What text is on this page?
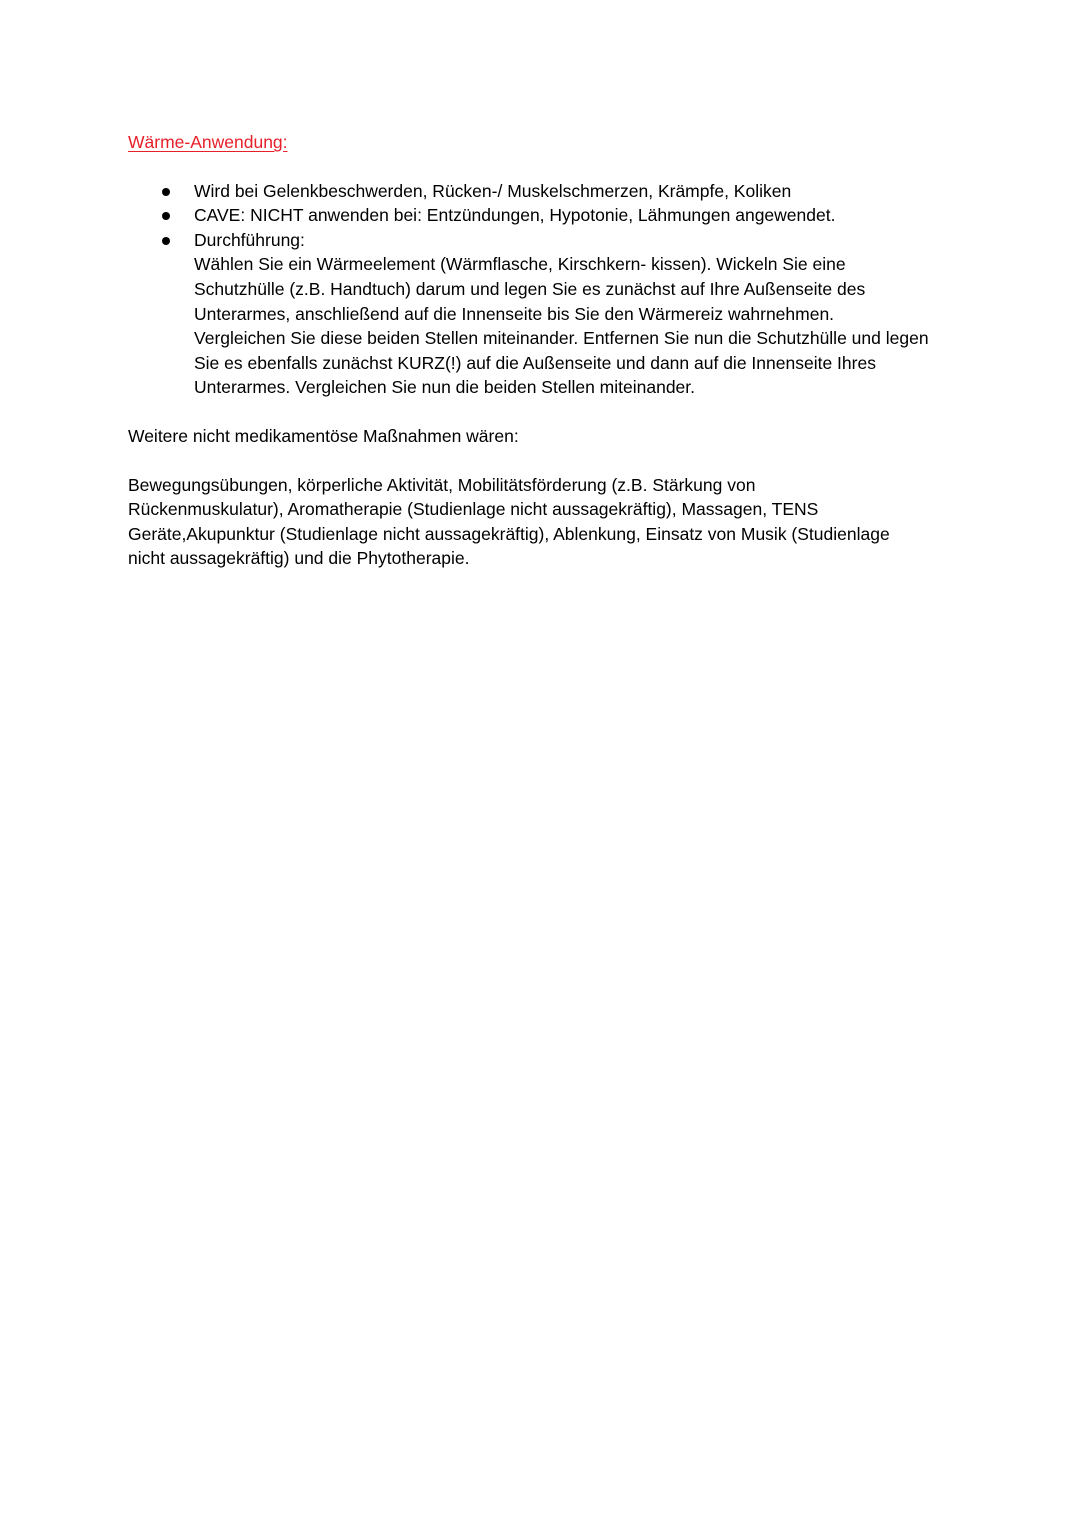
Wärme-Anwendung:
Wird bei Gelenkbeschwerden, Rücken-/ Muskelschmerzen, Krämpfe, Koliken
CAVE: NICHT anwenden bei: Entzündungen, Hypotonie, Lähmungen angewendet.
Durchführung:
Wählen Sie ein Wärmeelement (Wärmflasche, Kirschkern- kissen). Wickeln Sie eine
Schutzhülle (z.B. Handtuch) darum und legen Sie es zunächst auf Ihre Außenseite des
Unterarmes, anschließend auf die Innenseite bis Sie den Wärmereiz wahrnehmen.
Vergleichen Sie diese beiden Stellen miteinander. Entfernen Sie nun die Schutzhülle und legen
Sie es ebenfalls zunächst KURZ(!) auf die Außenseite und dann auf die Innenseite Ihres
Unterarmes. Vergleichen Sie nun die beiden Stellen miteinander.

Weitere nicht medikamentöse Maßnahmen wären:

Bewegungsübungen, körperliche Aktivität, Mobilitätsförderung (z.B. Stärkung von
Rückenmuskulatur), Aromatherapie (Studienlage nicht aussagekräftig), Massagen, TENS
Geräte,Akupunktur (Studienlage nicht aussagekräftig), Ablenkung, Einsatz von Musik (Studienlage
nicht aussagekräftig) und die Phytotherapie.
